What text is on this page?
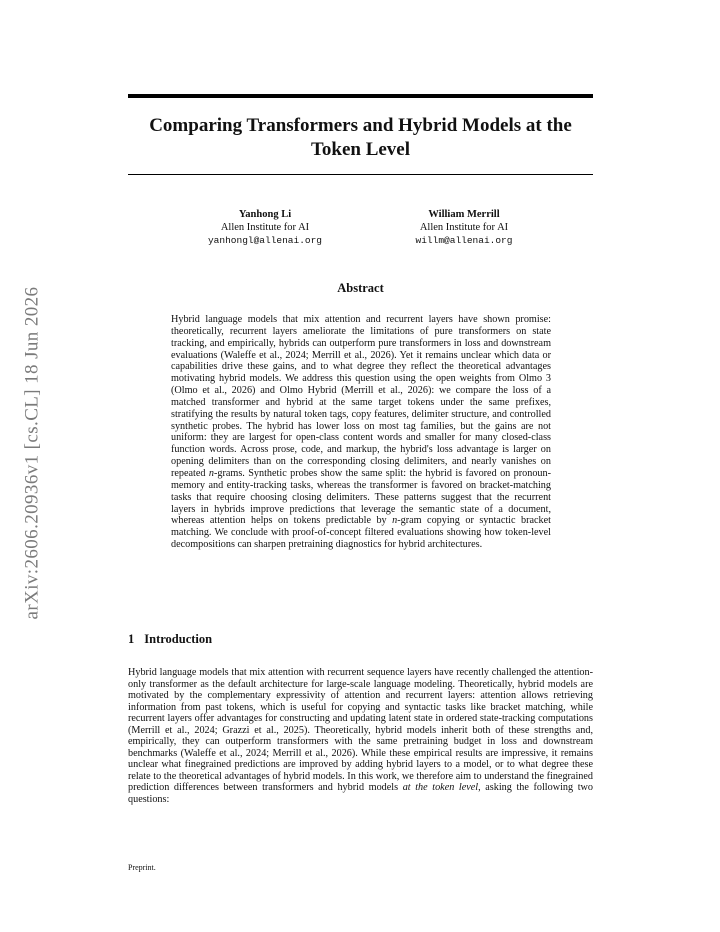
arXiv:2606.20936v1 [cs.CL] 18 Jun 2026
Comparing Transformers and Hybrid Models at the Token Level
Yanhong Li
Allen Institute for AI
yanhongl@allenai.org
William Merrill
Allen Institute for AI
willm@allenai.org
Abstract

Hybrid language models that mix attention and recurrent layers have shown promise: theoretically, recurrent layers ameliorate the limitations of pure transformers on state tracking, and empirically, hybrids can outperform pure transformers in loss and downstream evaluations (Waleffe et al., 2024; Merrill et al., 2026). Yet it remains unclear which data or capabilities drive these gains, and to what degree they reflect the theoretical advantages motivating hybrid models. We address this question using the open weights from Olmo 3 (Olmo et al., 2026) and Olmo Hybrid (Merrill et al., 2026): we compare the loss of a matched transformer and hybrid at the same target tokens under the same prefixes, stratifying the results by natural token tags, copy features, delimiter structure, and controlled synthetic probes. The hybrid has lower loss on most tag families, but the gains are not uniform: they are largest for open-class content words and smaller for many closed-class function words. Across prose, code, and markup, the hybrid's loss advantage is larger on opening delimiters than on the corresponding closing delimiters, and nearly vanishes on repeated n-grams. Synthetic probes show the same split: the hybrid is favored on pronoun-memory and entity-tracking tasks, whereas the transformer is favored on bracket-matching tasks that require choosing closing delimiters. These patterns suggest that the recurrent layers in hybrids improve predictions that leverage the semantic state of a document, whereas attention helps on tokens predictable by n-gram copying or syntactic bracket matching. We conclude with proof-of-concept filtered evaluations showing how token-level decompositions can sharpen pretraining diagnostics for hybrid architectures.

1 Introduction

Hybrid language models that mix attention with recurrent sequence layers have recently challenged the attention-only transformer as the default architecture for large-scale language modeling. Theoretically, hybrid models are motivated by the complementary expressivity of attention and recurrent layers: attention allows retrieving information from past tokens, which is useful for copying and syntactic tasks like bracket matching, while recurrent layers offer advantages for constructing and updating latent state in ordered state-tracking computations (Merrill et al., 2024; Grazzi et al., 2025). Theoretically, hybrid models inherit both of these strengths and, empirically, they can outperform transformers with the same pretraining budget in loss and downstream benchmarks (Waleffe et al., 2024; Merrill et al., 2026). While these empirical results are impressive, it remains unclear what finegrained predictions are improved by adding hybrid layers to a model, or to what degree these relate to the theoretical advantages of hybrid models. In this work, we therefore aim to understand the finegrained prediction differences between transformers and hybrid models at the token level, asking the following two questions:

Preprint.
